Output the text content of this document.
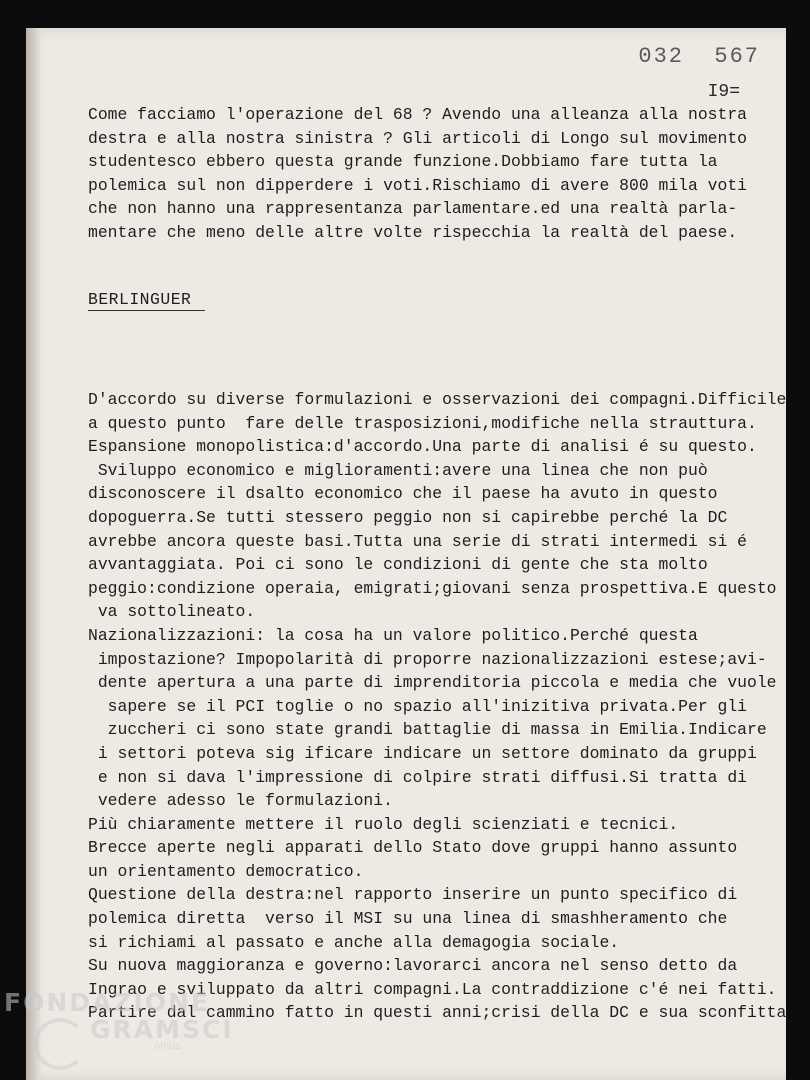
032  567
I9=
Come facciamo l'operazione del 68 ? Avendo una alleanza alla nostra
destra e alla nostra sinistra ? Gli articoli di Longo sul movimento
studentesco ebbero questa grande funzione.Dobbiamo fare tutta la
polemica sul non dipperdere i voti.Rischiamo di avere 800 mila voti
che non hanno una rappresentanza parlamentare.ed una realtà parla-
mentare che meno delle altre volte rispecchia la realtà del paese.
BERLINGUER
D'accordo su diverse formulazioni e osservazioni dei compagni.Difficile
a questo punto  fare delle trasposizioni,modifiche nella strauttura.
Espansione monopolistica:d'accordo.Una parte di analisi é su questo.
Sviluppo economico e miglioramenti:avere una linea che non può
disconoscere il dsalto economico che il paese ha avuto in questo
dopoguerra.Se tutti stessero peggio non si capirebbe perché la DC
avrebbe ancora queste basi.Tutta una serie di strati intermedi si é
avvantaggiata. Poi ci sono le condizioni di gente che sta molto
peggio:condizione operaia, emigrati;giovani senza prospettiva.E questo
va sottolineato.
Nazionalizzazioni: la cosa ha un valore politico.Perché questa
impostazione? Impopolarità di proporre nazionalizzazioni estese;avi-
dente apertura a una parte di imprenditoria piccola e media che vuole
sapere se il PCI toglie o no spazio all'inizitiva privata.Per gli
zuccheri ci sono state grandi battaglie di massa in Emilia.Indicare
i settori poteva sig ificare indicare un settore dominato da gruppi
e non si dava l'impressione di colpire strati diffusi.Si tratta di
vedere adesso le formulazioni.
Più chiaramente mettere il ruolo degli scienziati e tecnici.
Brecce aperte negli apparati dello Stato dove gruppi hanno assunto
un orientamento democratico.
Questione della destra:nel rapporto inserire un punto specifico di
polemica diretta  verso il MSI su una linea di smashheramento che
si richiami al passato e anche alla demagogia sociale.
Su nuova maggioranza e governo:lavorarci ancora nel senso detto da
Ingrao e sviluppato da altri compagni.La contraddizione c'é nei fatti.
Partire dal cammino fatto in questi anni;crisi della DC e sua sconfitta
FONDAZIONE
GRAMSCI
onlus
